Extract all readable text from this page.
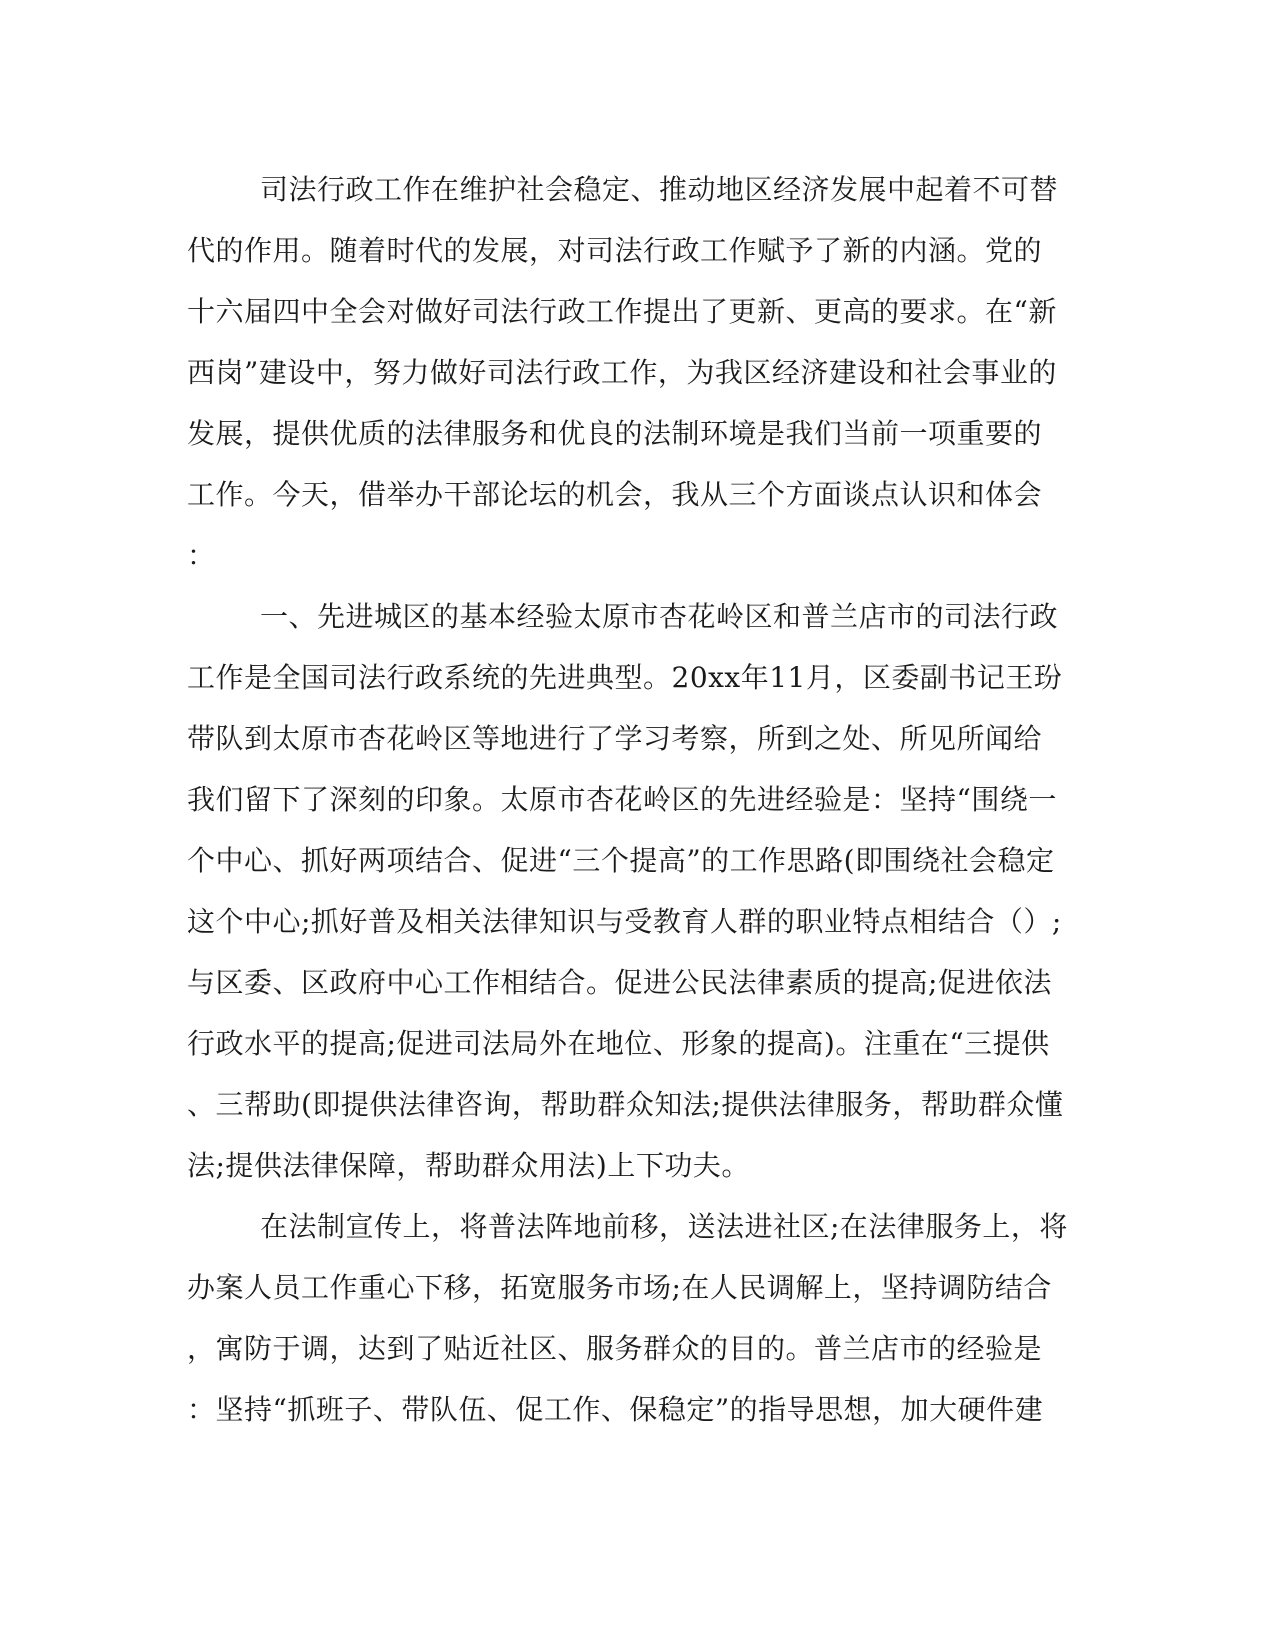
司法行政工作在维护社会稳定、推动地区经济发展中起着不可替
代的作用。随着时代的发展，对司法行政工作赋予了新的内涵。党的
十六届四中全会对做好司法行政工作提出了更新、更高的要求。在“新
西岗”建设中，努力做好司法行政工作，为我区经济建设和社会事业的
发展，提供优质的法律服务和优良的法制环境是我们当前一项重要的
工作。今天，借举办干部论坛的机会，我从三个方面谈点认识和体会
：
一、先进城区的基本经验太原市杏花岭区和普兰店市的司法行政
工作是全国司法行政系统的先进典型。20xx年11月，区委副书记王玢
带队到太原市杏花岭区等地进行了学习考察，所到之处、所见所闻给
我们留下了深刻的印象。太原市杏花岭区的先进经验是：坚持“围绕一
个中心、抓好两项结合、促进“三个提高”的工作思路(即围绕社会稳定
这个中心;抓好普及相关法律知识与受教育人群的职业特点相结合（）;
与区委、区政府中心工作相结合。促进公民法律素质的提高;促进依法
行政水平的提高;促进司法局外在地位、形象的提高)。注重在“三提供
、三帮助(即提供法律咨询，帮助群众知法;提供法律服务，帮助群众懂
法;提供法律保障，帮助群众用法)上下功夫。
在法制宣传上，将普法阵地前移，送法进社区;在法律服务上，将
办案人员工作重心下移，拓宽服务市场;在人民调解上，坚持调防结合
，寓防于调，达到了贴近社区、服务群众的目的。普兰店市的经验是
：坚持“抓班子、带队伍、促工作、保稳定”的指导思想，加大硬件建
